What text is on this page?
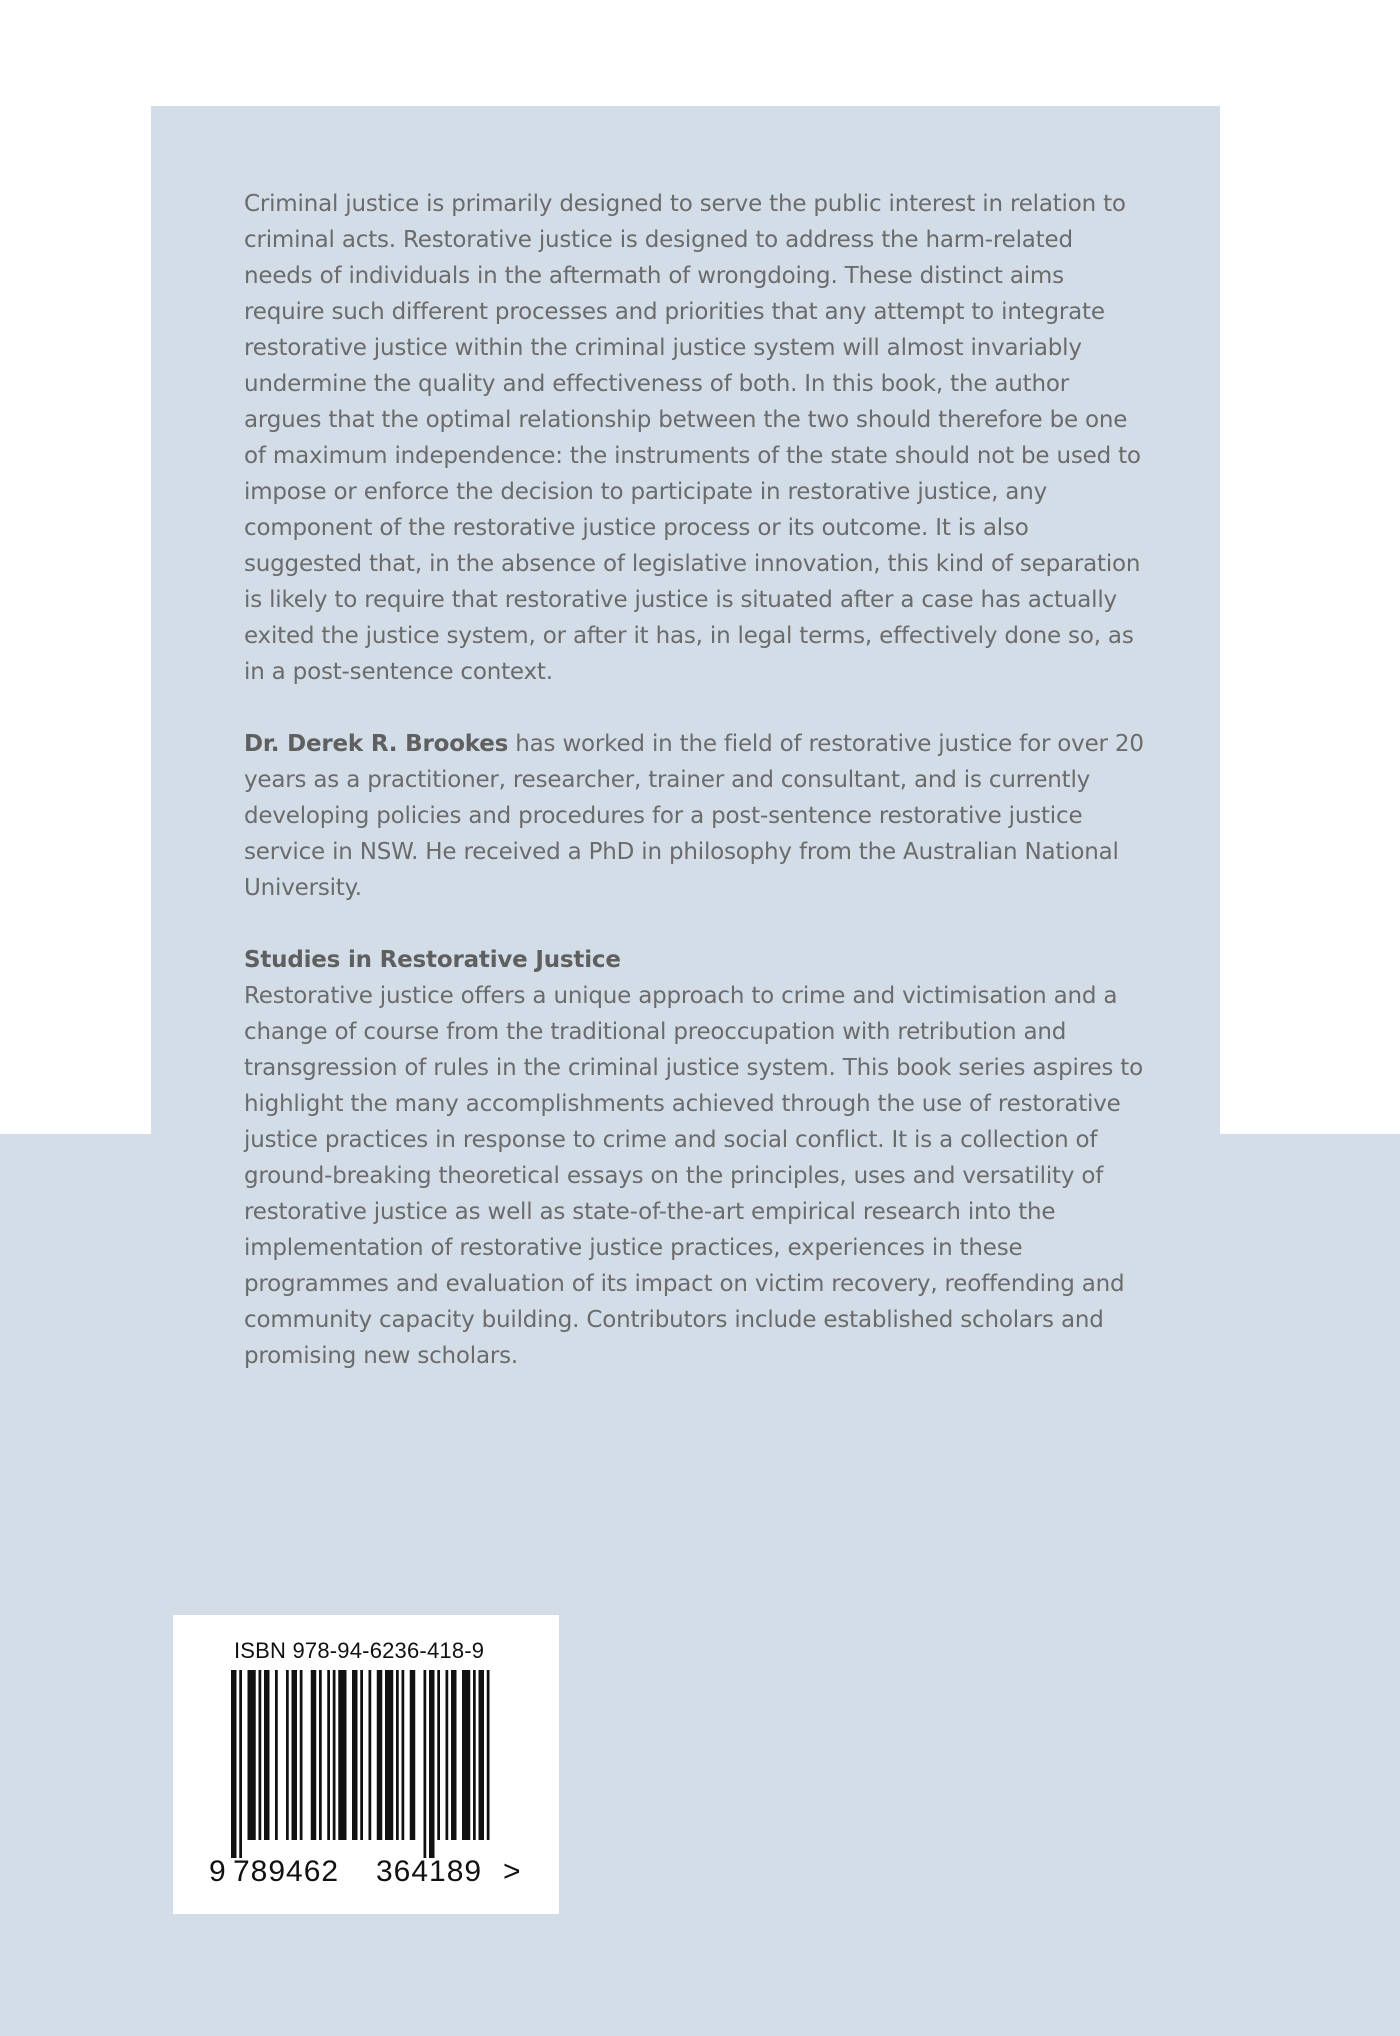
Criminal justice is primarily designed to serve the public interest in relation to criminal acts. Restorative justice is designed to address the harm-related needs of individuals in the aftermath of wrongdoing. These distinct aims require such different processes and priorities that any attempt to integrate restorative justice within the criminal justice system will almost invariably undermine the quality and effectiveness of both. In this book, the author argues that the optimal relationship between the two should therefore be one of maximum independence: the instruments of the state should not be used to impose or enforce the decision to participate in restorative justice, any component of the restorative justice process or its outcome. It is also suggested that, in the absence of legislative innovation, this kind of separation is likely to require that restorative justice is situated after a case has actually exited the justice system, or after it has, in legal terms, effectively done so, as in a post-sentence context.

Dr. Derek R. Brookes has worked in the field of restorative justice for over 20 years as a practitioner, researcher, trainer and consultant, and is currently developing policies and procedures for a post-sentence restorative justice service in NSW. He received a PhD in philosophy from the Australian National University.

Studies in Restorative Justice

Restorative justice offers a unique approach to crime and victimisation and a change of course from the traditional preoccupation with retribution and transgression of rules in the criminal justice system. This book series aspires to highlight the many accomplishments achieved through the use of restorative justice practices in response to crime and social conflict. It is a collection of ground-breaking theoretical essays on the principles, uses and versatility of restorative justice as well as state-of-the-art empirical research into the implementation of restorative justice practices, experiences in these programmes and evaluation of its impact on victim recovery, reoffending and community capacity building. Contributors include established scholars and promising new scholars.

ISBN 978-94-6236-418-9
9 789462 364189 >
